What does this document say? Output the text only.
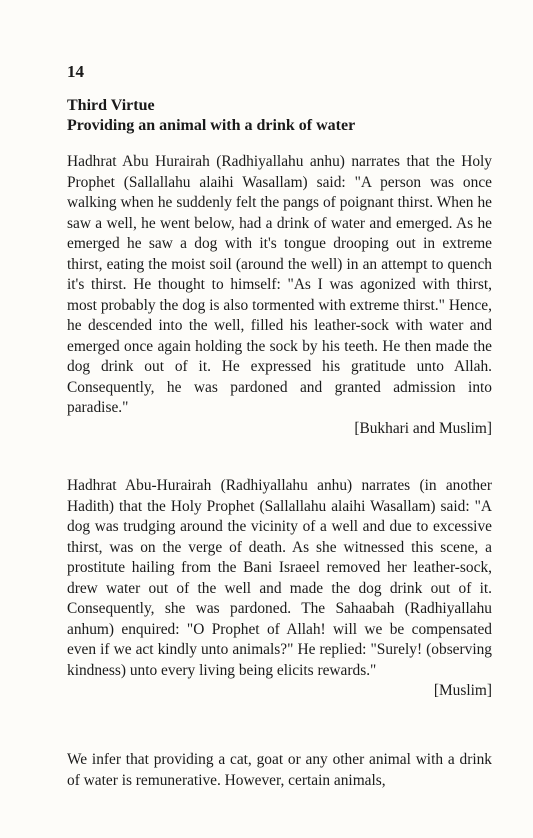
14
Third Virtue
Providing an animal with a drink of water

Hadhrat Abu Hurairah (Radhiyallahu anhu) narrates that the Holy Prophet (Sallallahu alaihi Wasallam) said: "A person was once walking when he suddenly felt the pangs of poignant thirst. When he saw a well, he went below, had a drink of water and emerged. As he emerged he saw a dog with it's tongue drooping out in extreme thirst, eating the moist soil (around the well) in an attempt to quench it's thirst. He thought to himself: "As I was agonized with thirst, most probably the dog is also tormented with extreme thirst." Hence, he descended into the well, filled his leather-sock with water and emerged once again holding the sock by his teeth. He then made the dog drink out of it. He expressed his gratitude unto Allah. Consequently, he was pardoned and granted admission into paradise."

[Bukhari and Muslim]

Hadhrat Abu-Hurairah (Radhiyallahu anhu) narrates (in another Hadith) that the Holy Prophet (Sallallahu alaihi Wasallam) said: "A dog was trudging around the vicinity of a well and due to excessive thirst, was on the verge of death. As she witnessed this scene, a prostitute hailing from the Bani Israeel removed her leather-sock, drew water out of the well and made the dog drink out of it. Consequently, she was pardoned. The Sahaabah (Radhiyallahu anhum) enquired: "O Prophet of Allah! will we be compensated even if we act kindly unto animals?" He replied: "Surely! (observing kindness) unto every living being elicits rewards."

[Muslim]

We infer that providing a cat, goat or any other animal with a drink of water is remunerative. However, certain animals,
